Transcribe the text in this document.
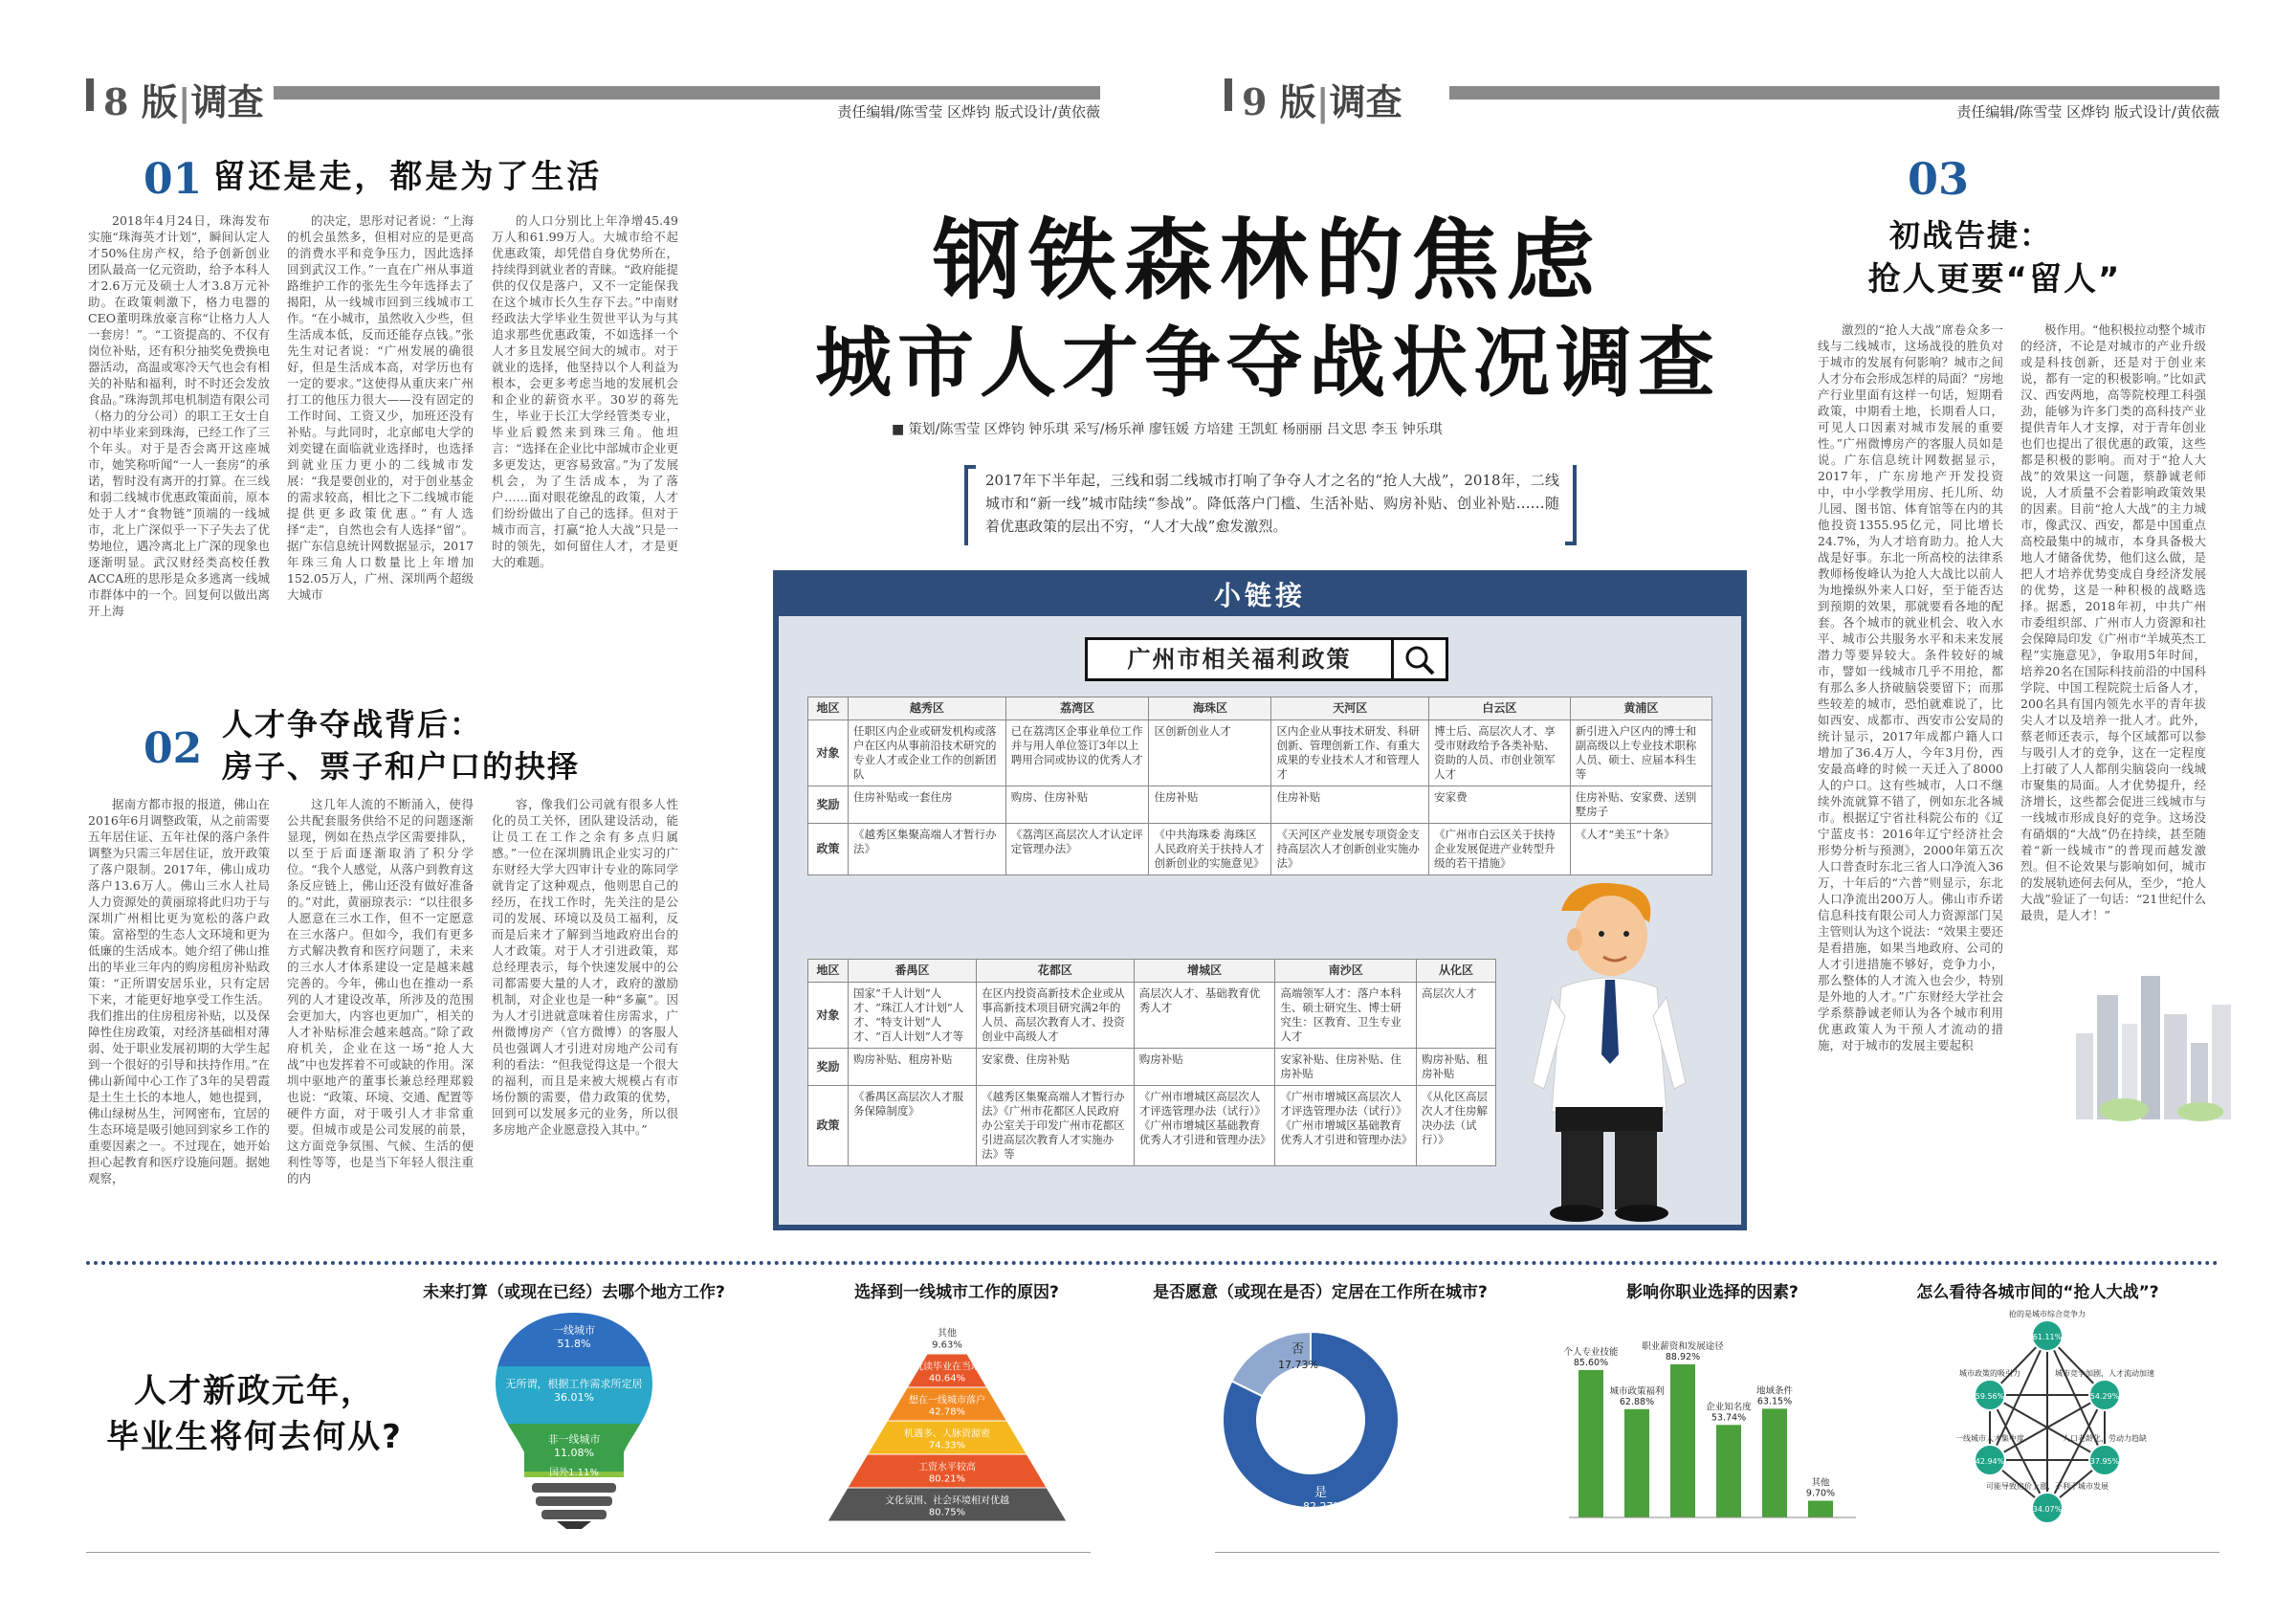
8 版|调查	责任编辑/陈雪莹 区烨钧 版式设计/黄依薇	9 版|调查	责任编辑/陈雪莹 区烨钧 版式设计/黄依薇
01 留还是走，都是为了生活

2018年4月24日，珠海发布实施“珠海英才计划”，瞬间认定人才50%住房产权，给予创新创业团队最高一亿元资助，给予本科人才2.6万元及硕士人才3.8万元补助。在政策刺激下，格力电器的CEO董明珠放豪言称“让格力人人一套房！”。“工资提高的、不仅有岗位补贴，还有积分抽奖免费换电器活动，高温或寒冷天气也会有相关的补贴和福利，时不时还会发放食品。”珠海凯邦电机制造有限公司（格力的分公司）的职工王女士自初中毕业来到珠海，已经工作了三个年头。对于是否会离开这座城市，她笑称听闻“一人一套房”的承诺，暂时没有离开的打算。在三线和弱二线城市优惠政策面前，原本处于人才“食物链”顶端的一线城市，北上广深似乎一下子失去了优势地位，遇冷离北上广深的现象也逐渐明显。武汉财经类高校任教ACCA班的思彤是众多逃离一线城市群体中的一个。回复何以做出离开上海

的决定，思彤对记者说：“上海的机会虽然多，但相对应的是更高的消费水平和竞争压力，因此选择回到武汉工作。”一直在广州从事道路维护工作的张先生今年选择去了揭阳，从一线城市回到三线城市工作。“在小城市，虽然收入少些，但生活成本低，反而还能存点钱。”张先生对记者说：“广州发展的确很好，但是生活成本高，对学历也有一定的要求。”这使得从重庆来广州打工的他压力很大——没有固定的工作时间、工资又少，加班还没有补贴。与此同时，北京邮电大学的刘奕键在面临就业选择时，也选择到就业压力更小的二线城市发展：“我是要创业的，对于创业基金的需求较高，相比之下二线城市能提供更多政策优惠。”有人选择“走”，自然也会有人选择“留”。据广东信息统计网数据显示，2017年珠三角人口数量比上年增加152.05万人，广州、深圳两个超级大城市

的人口分别比上年净增45.49万人和61.99万人。大城市给不起优惠政策，却凭借自身优势所在，持续得到就业者的青睐。“政府能提供的仅仅是落户，又不一定能保我在这个城市长久生存下去。”中南财经政法大学毕业生贺世平认为与其追求那些优惠政策，不如选择一个人才多且发展空间大的城市。对于就业的选择，他坚持以个人利益为根本，会更多考虑当地的发展机会和企业的薪资水平。30岁的蒋先生，毕业于长江大学经管类专业，毕业后毅然来到珠三角。他坦言：“选择在企业比中部城市企业更多更发达，更容易致富。”为了发展机会，为了生活成本，为了落户……面对眼花缭乱的政策，人才们纷纷做出了自己的选择。但对于城市而言，打赢“抢人大战”只是一时的领先，如何留住人才，才是更大的难题。

02 人才争夺战背后：
房子、票子和户口的抉择

据南方都市报的报道，佛山在2016年6月调整政策，从之前需要五年居住证、五年社保的落户条件调整为只需三年居住证，放开政策了落户限制。2017年，佛山成功落户13.6万人。佛山三水人社局人力资源处的黄丽琼将此归功于与深圳广州相比更为宽松的落户政策。富裕型的生态人文环境和更为低廉的生活成本。她介绍了佛山推出的毕业三年内的购房租房补贴政策：“正所谓安居乐业，只有定居下来，才能更好地享受工作生活。我们推出的住房租房补贴，以及保障性住房政策，对经济基础相对薄弱、处于职业发展初期的大学生起到一个很好的引导和扶持作用。”在佛山新闻中心工作了3年的吴碧霞是土生土长的本地人，她也提到，佛山绿树丛生，河网密布，宜居的生态环境是吸引她回到家乡工作的重要因素之一。不过现在，她开始担心起教育和医疗设施问题。据她观察，

这几年人流的不断涌入，使得公共配套服务供给不足的问题逐渐显现，例如在热点学区需要排队，以至于后面逐渐取消了积分学位。“我个人感觉，从落户到教育这条反应链上，佛山还没有做好准备的。”对此，黄丽琼表示：“以往很多人愿意在三水工作，但不一定愿意在三水落户。但如今，我们有更多方式解决教育和医疗问题了，未来的三水人才体系建设一定是越来越完善的。今年，佛山也在推动一系列的人才建设改革，所涉及的范围会更加大，内容也更加广，相关的人才补贴标准会越来越高。”除了政府机关，企业在这一场“抢人大战”中也发挥着不可或缺的作用。深圳中驱地产的董事长兼总经理郑毅也说：“政策、环境、交通、配置等硬件方面，对于吸引人才非常重要。但城市或是公司发展的前景，这方面竞争氛围、气候、生活的便利性等等，也是当下年轻人很注重的内

容，像我们公司就有很多人性化的员工关怀，团队建设活动，能让员工在工作之余有多点归属感。”一位在深圳腾讯企业实习的广东财经大学大四审计专业的陈同学就肯定了这种观点，他则思自己的经历，在找工作时，先关注的是公司的发展、环境以及员工福利，反而是后来才了解到当地政府出台的人才政策。对于人才引进政策，郑总经理表示，每个快速发展中的公司都需要大量的人才，政府的激励机制，对企业也是一种“多赢”。因为人才引进就意味着住房需求，广州微博房产（官方微博）的客服人员也强调人才引进对房地产公司有利的看法：“但我觉得这是一个很大的福利，而且是来被大规模占有市场份额的需要，借力政策的优势，回到可以发展多元的业务，所以很多房地产企业愿意投入其中。”

钢铁森林的焦虑
城市人才争夺战状况调查
■ 策划/陈雪莹 区烨钧 钟乐琪 采写/杨乐禅 廖钰媛 方培建 王凯虹 杨丽丽 吕文思 李玉 钟乐琪
2017年下半年起，三线和弱二线城市打响了争夺人才之名的“抢人大战”，2018年，二线城市和“新一线”城市陆续“参战”。降低落户门槛、生活补贴、购房补贴、创业补贴……随着优惠政策的层出不穷，“人才大战”愈发激烈。
小链接
广州市相关福利政策
地区	越秀区	荔湾区	海珠区	天河区	白云区	黄浦区
对象	任职区内企业或研发机构或落户在区内从事前沿技术研究的专业人才或企业工作的创新团队	已在荔湾区企事业单位工作并与用人单位签订3年以上聘用合同或协议的优秀人才	区创新创业人才	区内企业从事技术研发、科研创新、管理创新工作、有重大成果的专业技术人才和管理人才	博士后、高层次人才、享受市财政给予各类补贴、资助的人员、市创业领军人才	新引进入户区内的博士和副高级以上专业技术职称人员、硕士、应届本科生等
奖励	住房补贴或一套住房	购房、住房补贴	住房补贴	住房补贴	安家费	住房补贴、安家费、送别墅房子
政策	《越秀区集聚高端人才暂行办法》	《荔湾区高层次人才认定评定管理办法》	《中共海珠委 海珠区人民政府关于扶持人才创新创业的实施意见》	《天河区产业发展专项资金支持高层次人才创新创业实施办法》	《广州市白云区关于扶持企业发展促进产业转型升级的若干措施》	《人才“美玉”十条》
地区	番禺区	花都区	增城区	南沙区	从化区
对象	国家“千人计划”人才、“珠江人才计划”人才、“特支计划”人才、“百人计划”人才等	在区内投资高新技术企业或从事高新技术项目研究满2年的人员、高层次教育人才、投资创业中高级人才	高层次人才、基础教育优秀人才	高端领军人才：落户本科生、硕士研究生、博士研究生：区教育、卫生专业人才	高层次人才
奖励	购房补贴、租房补贴	安家费、住房补贴	购房补贴	安家补贴、住房补贴、住房补贴	购房补贴、租房补贴
政策	《番禺区高层次人才服务保障制度》	《越秀区集聚高端人才暂行办法》《广州市花都区人民政府办公室关于印发广州市花都区引进高层次教育人才实施办法》等	《广州市增城区高层次人才评选管理办法（试行）》《广州市增城区基础教育优秀人才引进和管理办法》	《广州市增城区高层次人才评选管理办法（试行）》《广州市增城区基础教育优秀人才引进和管理办法》	《从化区高层次人才住房解决办法（试行）》
03
初战告捷：
抢人更要“留人”

激烈的“抢人大战”席卷众多一线与二线城市，这场战役的胜负对于城市的发展有何影响？城市之间人才分布会形成怎样的局面？“房地产行业里面有这样一句话，短期看政策，中期看土地，长期看人口，可见人口因素对城市发展的重要性。”广州微博房产的客服人员如是说。广东信息统计网数据显示，2017年，广东房地产开发投资中，中小学教学用房、托儿所、幼儿园、图书馆、体育馆等在内的其他投资1355.95亿元，同比增长24.7%，为人才培育助力。抢人大战是好事。东北一所高校的法律系教师杨俊峰认为抢人大战比以前人为地操纵外来人口好，至于能否达到预期的效果，那就要看各地的配套。各个城市的就业机会、收入水平、城市公共服务水平和未来发展潜力等要异较大。条件较好的城市，譬如一线城市几乎不用抢，都有那么多人挤破脑袋要留下；而那些较差的城市，恐怕就难说了，比如西安、成都市、西安市公安局的统计显示，2017年成都户籍人口增加了36.4万人，今年3月份，西安最高峰的时候一天迁入了8000人的户口。这有些城市，人口不继续外流就算不错了，例如东北各城市。根据辽宁省社科院公布的《辽宁蓝皮书：2016年辽宁经济社会形势分析与预测》，2000年第五次人口普查时东北三省人口净流入36万，十年后的“六普”则显示，东北人口净流出200万人。佛山市乔诺信息科技有限公司人力资源部门吴主管则认为这个说法：“效果主要还是看措施，如果当地政府、公司的人才引进措施不够好，竞争力小，那么整体的人才流入也会少，特别是外地的人才。”广东财经大学社会学系蔡静诚老师认为各个城市利用优惠政策人为干预人才流动的措施，对于城市的发展主要起积

极作用。“他积极拉动整个城市的经济，不论是对城市的产业升级或是科技创新，还是对于创业来说，都有一定的积极影响。”比如武汉、西安两地，高等院校理工科强劲，能够为许多门类的高科技产业提供青年人才支撑，对于青年创业也们也提出了很优惠的政策，这些都是积极的影响。而对于“抢人大战”的效果这一问题，蔡静诚老师说，人才质量不会着影响政策效果的因素。目前“抢人大战”的主力城市，像武汉、西安，都是中国重点高校最集中的城市，本身具备极大地人才储备优势，他们这么做，是把人才培养优势变成自身经济发展的优势，这是一种积极的战略选择。据悉，2018年初，中共广州市委组织部、广州市人力资源和社会保障局印发《广州市“羊城英杰工程”实施意见》，争取用5年时间，培养20名在国际科技前沿的中国科学院、中国工程院院士后备人才，200名具有国内领先水平的青年拔尖人才以及培养一批人才。此外，蔡老师还表示，每个区域都可以参与吸引人才的竞争，这在一定程度上打破了人人都削尖脑袋向一线城市聚集的局面。人才优势提升，经济增长，这些都会促进三线城市与一线城市形成良好的竞争。这场没有硝烟的“大战”仍在持续，甚至随着“新一线城市”的普现而越发激烈。但不论效果与影响如何，城市的发展轨迹何去何从，至少，“抢人大战”验证了一句话：“21世纪什么最贵，是人才！”

人才新政元年，
毕业生将何去何从?
未来打算（或现在已经）去哪个地方工作?
一线城市
51.8%
无所谓，根据工作需求所定居
36.01%
非一线城市
11.08%
国外1.11%
选择到一线城市工作的原因?
其他
9.63%
就读毕业在当地
40.64%
想在一线城市落户
42.78%
机遇多、人脉资源密
74.33%
工资水平较高
80.21%
文化氛围、社会环境相对优越
80.75%
是否愿意（或现在是否）定居在工作所在城市?
否
17.73%
是
82.27%
影响你职业选择的因素?
个人专业技能
85.60%
城市政策福利
62.88%
职业薪资和发展途径
88.92%
企业知名度
53.74%
地域条件
63.15%
其他
9.70%
怎么看待各城市间的“抢人大战”?
抢的是城市综合竞争力
61.11%
城市政策的吸引力
59.56%
城市竞争加剧，人才流动加速
54.29%
一线城市人才集中度
42.94%
人口老龄化，劳动力趋缺
37.95%
可能导致房价上涨，不利于城市发展
34.07%
